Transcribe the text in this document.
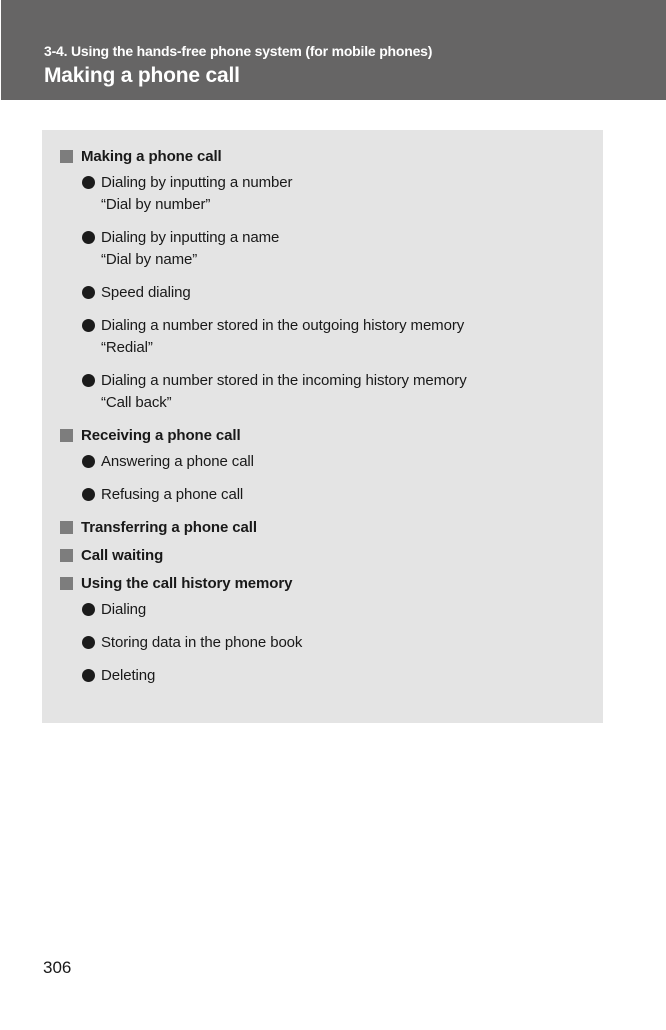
3-4. Using the hands-free phone system (for mobile phones)
Making a phone call
Making a phone call
Dialing by inputting a number
“Dial by number”
Dialing by inputting a name
“Dial by name”
Speed dialing
Dialing a number stored in the outgoing history memory
“Redial”
Dialing a number stored in the incoming history memory
“Call back”
Receiving a phone call
Answering a phone call
Refusing a phone call
Transferring a phone call
Call waiting
Using the call history memory
Dialing
Storing data in the phone book
Deleting
306
